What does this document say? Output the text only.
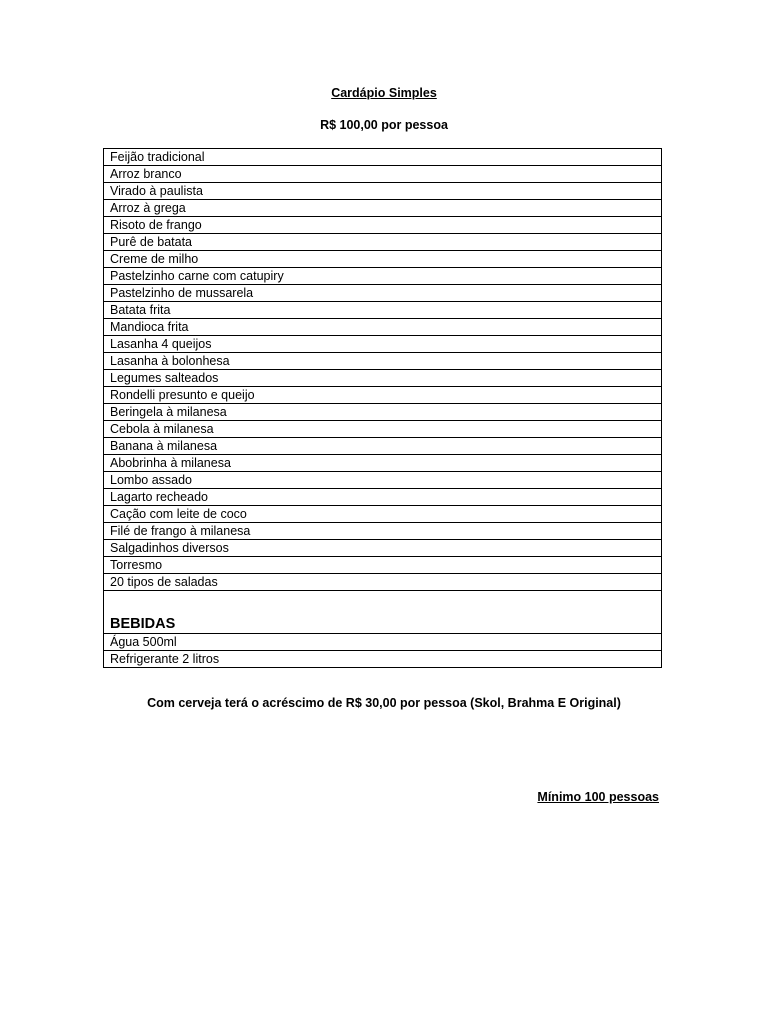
Cardápio Simples
R$ 100,00 por pessoa
Feijão tradicional
Arroz branco
Virado à paulista
Arroz à grega
Risoto de frango
Purê de batata
Creme de milho
Pastelzinho carne com catupiry
Pastelzinho de mussarela
Batata frita
Mandioca frita
Lasanha 4 queijos
Lasanha à bolonhesa
Legumes salteados
Rondelli presunto e queijo
Beringela à milanesa
Cebola à milanesa
Banana à milanesa
Abobrinha à milanesa
Lombo assado
Lagarto recheado
Cação com leite de coco
Filé de frango à milanesa
Salgadinhos diversos
Torresmo
20 tipos de saladas
BEBIDAS
Água 500ml
Refrigerante 2 litros
Com cerveja terá o acréscimo de R$ 30,00 por pessoa (Skol, Brahma E Original)
Mínimo 100 pessoas
